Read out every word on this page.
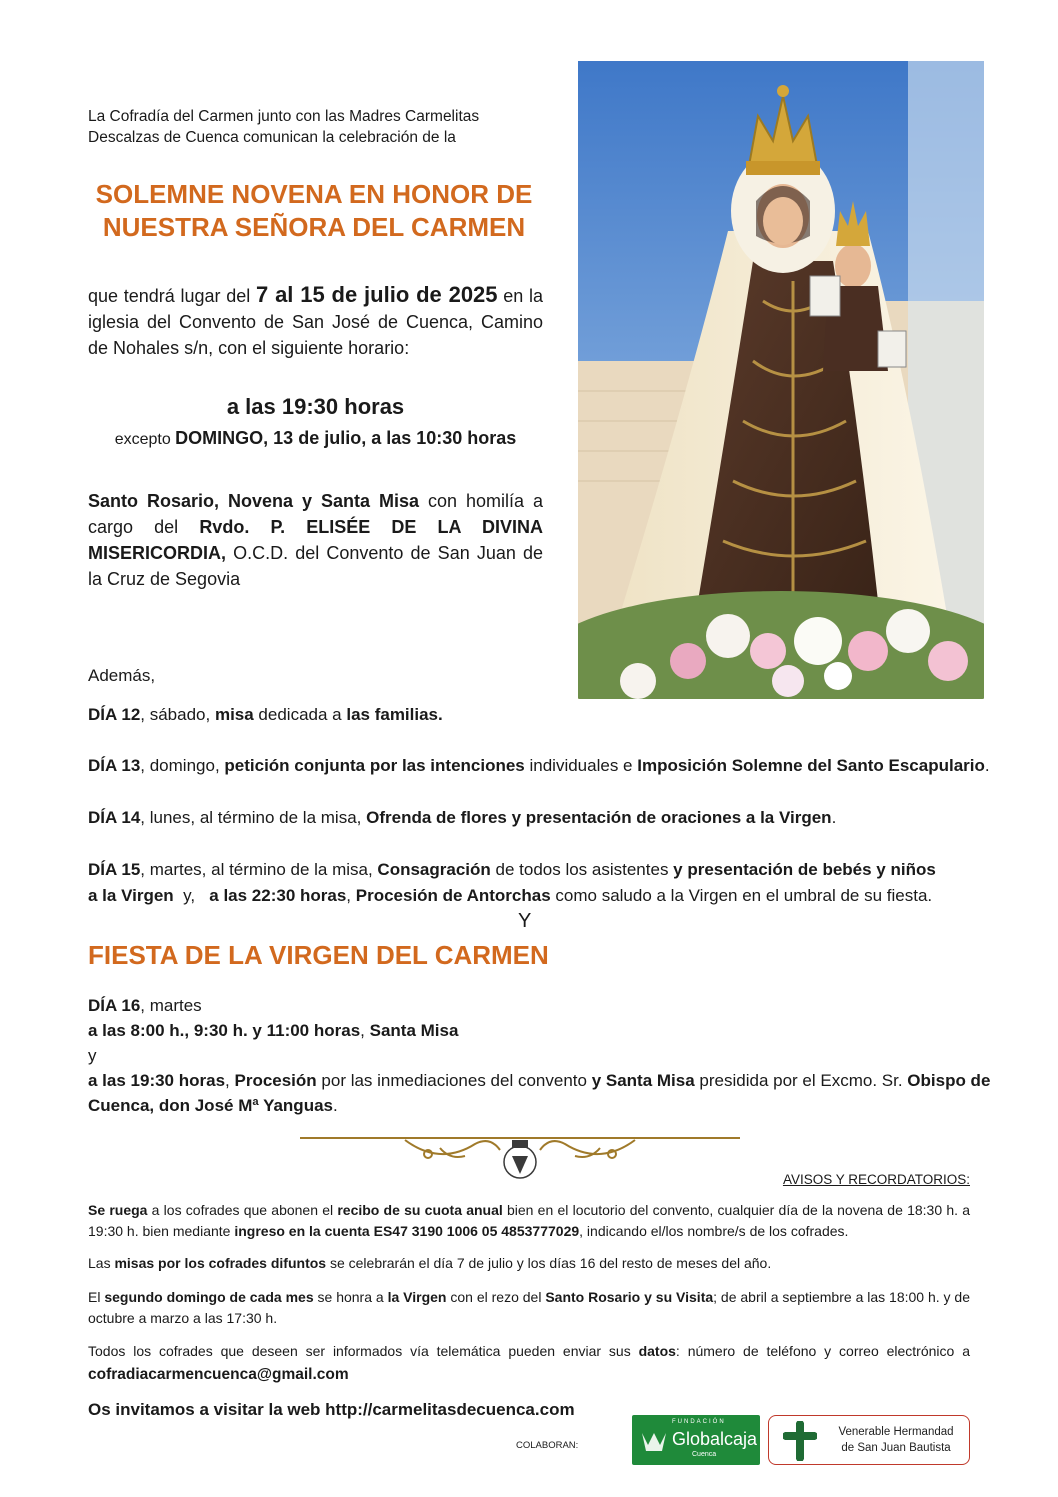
La Cofradía del Carmen junto con las Madres Carmelitas
Descalzas de Cuenca comunican la celebración de la
SOLEMNE NOVENA EN HONOR DE
NUESTRA SEÑORA DEL CARMEN
que tendrá lugar del 7 al 15 de julio de 2025 en la iglesia del Convento de San José de Cuenca, Camino de Nohales s/n, con el siguiente horario:
a las 19:30 horas
excepto DOMINGO, 13 de julio, a las 10:30 horas
Santo Rosario, Novena y Santa Misa con homilía a cargo del Rvdo. P. ELISÉE DE LA DIVINA MISERICORDIA, O.C.D. del Convento de San Juan de la Cruz de Segovia
Además,
DÍA 12, sábado, misa dedicada a las familias.
DÍA 13, domingo, petición conjunta por las intenciones individuales e Imposición Solemne del Santo Escapulario.
DÍA 14, lunes, al término de la misa, Ofrenda de flores y presentación de oraciones a la Virgen.
DÍA 15, martes, al término de la misa, Consagración de todos los asistentes y presentación de bebés y niños
a la Virgen  y,   a las 22:30 horas, Procesión de Antorchas como saludo a la Virgen en el umbral de su fiesta.
Y
FIESTA DE LA VIRGEN DEL CARMEN
DÍA 16, martes
a las 8:00 h., 9:30 h. y 11:00 horas, Santa Misa
y
a las 19:30 horas, Procesión por las inmediaciones del convento y Santa Misa presidida por el Excmo. Sr. Obispo de Cuenca, don José Mª Yanguas.
AVISOS Y RECORDATORIOS:
Se ruega a los cofrades que abonen el recibo de su cuota anual bien en el locutorio del convento, cualquier día de la novena de 18:30 h. a 19:30 h. bien mediante ingreso en la cuenta ES47 3190 1006 05 4853777029, indicando el/los nombre/s de los cofrades.
Las misas por los cofrades difuntos se celebrarán el día 7 de julio y los días 16 del resto de meses del año.
El segundo domingo de cada mes se honra a la Virgen con el rezo del Santo Rosario y su Visita; de abril a septiembre a las 18:00 h. y de octubre a marzo a las 17:30 h.
Todos los cofrades que deseen ser informados vía telemática pueden enviar sus datos: número de teléfono y correo electrónico a cofradiacarmencuenca@gmail.com
Os invitamos a visitar la web http://carmelitasdecuenca.com
COLABORAN:
FUNDACIÓN
Globalcaja
Cuenca
Venerable Hermandad
de San Juan Bautista
